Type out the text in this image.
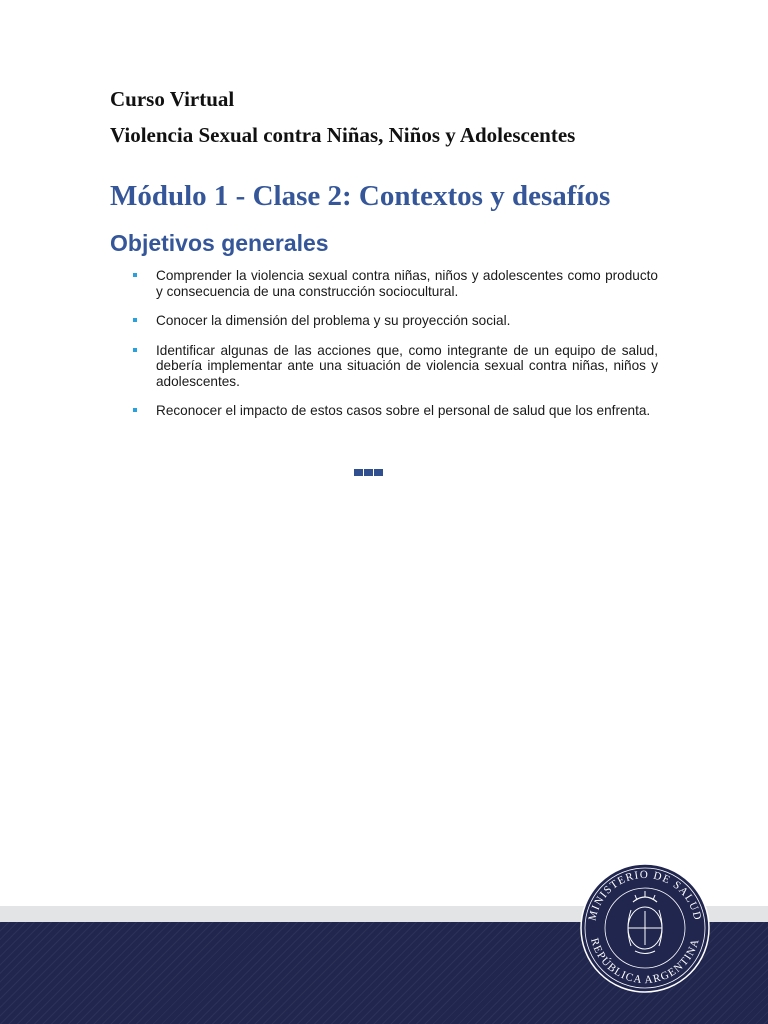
Curso Virtual
Violencia Sexual contra Niñas, Niños y Adolescentes
Módulo 1 - Clase 2: Contextos y desafíos
Objetivos generales
Comprender la violencia sexual contra niñas, niños y adolescentes como producto y consecuencia de una construcción sociocultural.
Conocer la dimensión del problema y su proyección social.
Identificar algunas de las acciones que, como integrante de un equipo de salud, debería implementar ante una situación de violencia sexual contra niñas, niños y adolescentes.
Reconocer el impacto de estos casos sobre el personal de salud que los enfrenta.
MINISTERIO DE SALUD
REPÚBLICA ARGENTINA
